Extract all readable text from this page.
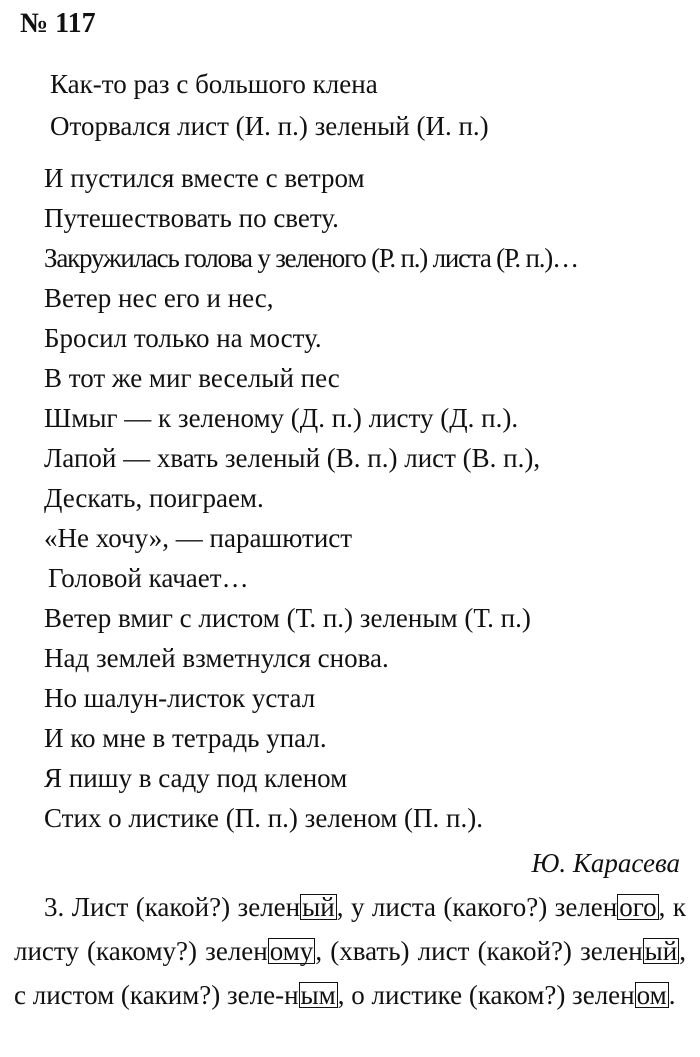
№ 117
Как-то раз с большого клена
Оторвался лист (И. п.) зеленый (И. п.)
И пустился вместе с ветром
Путешествовать по свету.
Закружилась голова у зеленого (Р. п.) листа (Р. п.)…
Ветер нес его и нес,
Бросил только на мосту.
В тот же миг веселый пес
Шмыг — к зеленому (Д. п.) листу (Д. п.).
Лапой — хвать зеленый (В. п.) лист (В. п.),
Дескать, поиграем.
«Не хочу», — парашютист
Головой качает…
Ветер вмиг с листом (Т. п.) зеленым (Т. п.)
Над землей взметнулся снова.
Но шалун-листок устал
И ко мне в тетрадь упал.
Я пишу в саду под кленом
Стих о листике (П. п.) зеленом (П. п.).
Ю. Карасева
3. Лист (какой?) зеленый, у листа (какого?) зеленого, к листу (какому?) зеленому, (хвать) лист (какой?) зеленый, с листом (каким?) зеле-ным, о листике (каком?) зеленом.
